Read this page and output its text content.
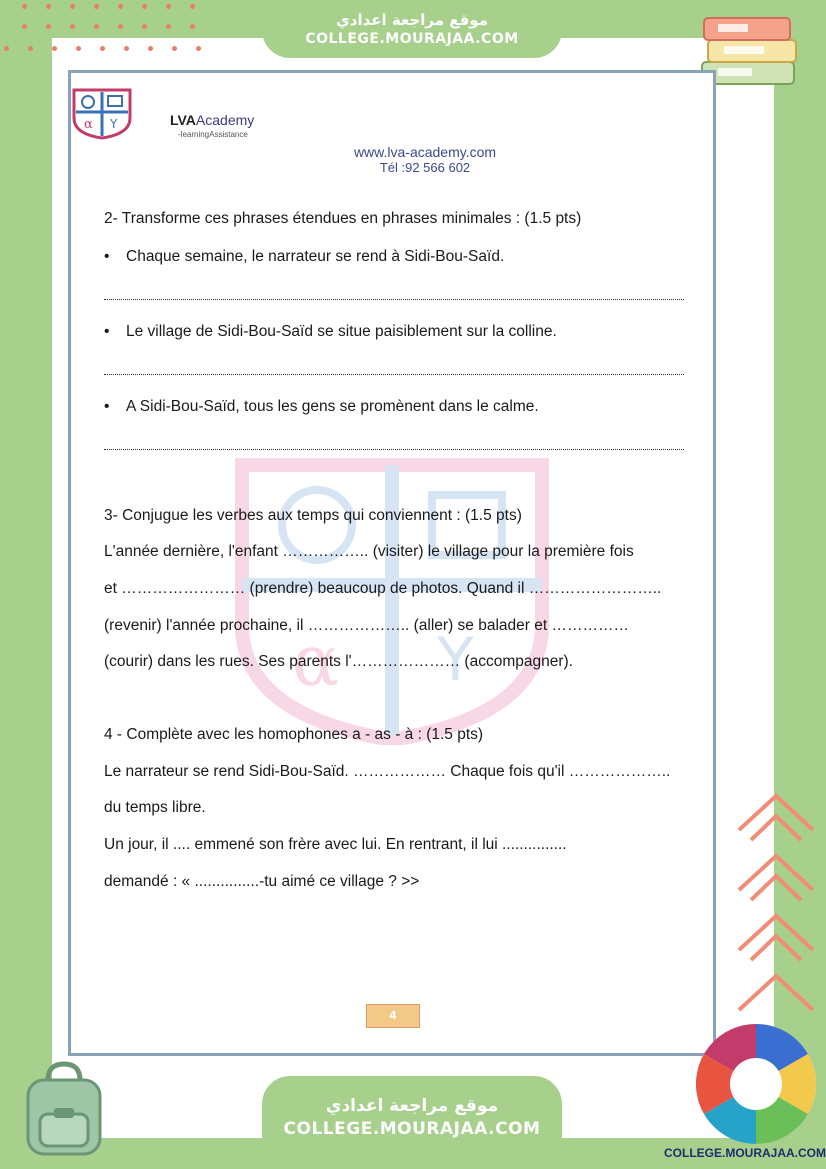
موقع مراجعة اعدادي
COLLEGE.MOURAJAA.COM
α Y	LVAAcademy
-learningAssistance
www.lva-academy.com
Tél :92 566 602
α Y
2- Transforme ces phrases étendues en phrases minimales : (1.5 pts)
• Chaque semaine, le narrateur se rend à Sidi-Bou-Saïd.
• Le village de Sidi-Bou-Saïd se situe paisiblement sur la colline.
• A Sidi-Bou-Saïd, tous les gens se promènent dans le calme.
3- Conjugue les verbes aux temps qui conviennent : (1.5 pts)
L'année dernière, l'enfant …………….. (visiter) le village pour la première fois
et …………………… (prendre) beaucoup de photos. Quand il ……………………..
(revenir) l'année prochaine, il ……………….. (aller) se balader et ……………
(courir) dans les rues. Ses parents l'………………… (accompagner).
4 - Complète avec les homophones a - as - à : (1.5 pts)
Le narrateur se rend Sidi-Bou-Saïd. ……………… Chaque fois qu'il ………………..
du temps libre.
Un jour, il .... emmené son frère avec lui. En rentrant, il lui ...............
demandé : « ...............-tu aimé ce village ? >>
4
موقع مراجعة اعدادي
COLLEGE.MOURAJAA.COM
COLLEGE.MOURAJAA.COM
